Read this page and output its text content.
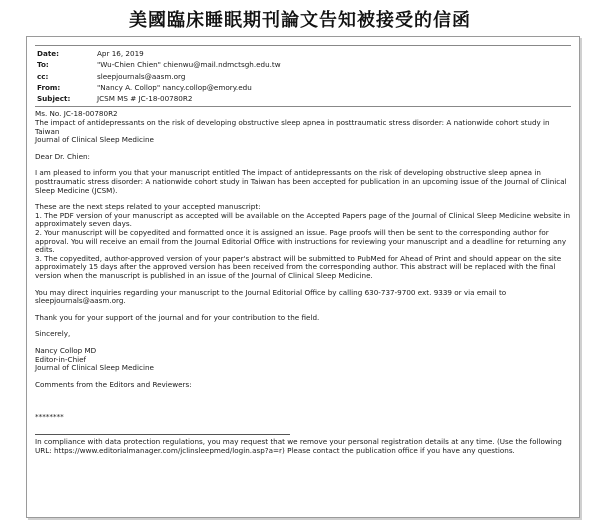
美國臨床睡眠期刊論文告知被接受的信函
Date:	Apr 16, 2019
To:	"Wu-Chien Chien" chienwu@mail.ndmctsgh.edu.tw
cc:	sleepjournals@aasm.org
From:	"Nancy A. Collop" nancy.collop@emory.edu
Subject:	JCSM MS # JC-18-00780R2

Ms. No. JC-18-00780R2

The impact of antidepressants on the risk of developing obstructive sleep apnea in posttraumatic stress disorder: A nationwide cohort study in Taiwan

Journal of Clinical Sleep Medicine

Dear Dr. Chien:

I am pleased to inform you that your manuscript entitled The impact of antidepressants on the risk of developing obstructive sleep apnea in posttraumatic stress disorder: A nationwide cohort study in Taiwan has been accepted for publication in an upcoming issue of the Journal of Clinical Sleep Medicine (JCSM).

These are the next steps related to your accepted manuscript:

1. The PDF version of your manuscript as accepted will be available on the Accepted Papers page of the Journal of Clinical Sleep Medicine website in approximately seven days.

2. Your manuscript will be copyedited and formatted once it is assigned an issue. Page proofs will then be sent to the corresponding author for approval. You will receive an email from the Journal Editorial Office with instructions for reviewing your manuscript and a deadline for returning any edits.

3. The copyedited, author-approved version of your paper's abstract will be submitted to PubMed for Ahead of Print and should appear on the site approximately 15 days after the approved version has been received from the corresponding author. This abstract will be replaced with the final version when the manuscript is published in an issue of the Journal of Clinical Sleep Medicine.

You may direct inquiries regarding your manuscript to the Journal Editorial Office by calling 630-737-9700 ext. 9339 or via email to sleepjournals@aasm.org.

Thank you for your support of the journal and for your contribution to the field.

Sincerely,

Nancy Collop MD

Editor-in-Chief

Journal of Clinical Sleep Medicine

Comments from the Editors and Reviewers:

********

In compliance with data protection regulations, you may request that we remove your personal registration details at any time. (Use the following URL: https://www.editorialmanager.com/jclinsleepmed/login.asp?a=r) Please contact the publication office if you have any questions.
